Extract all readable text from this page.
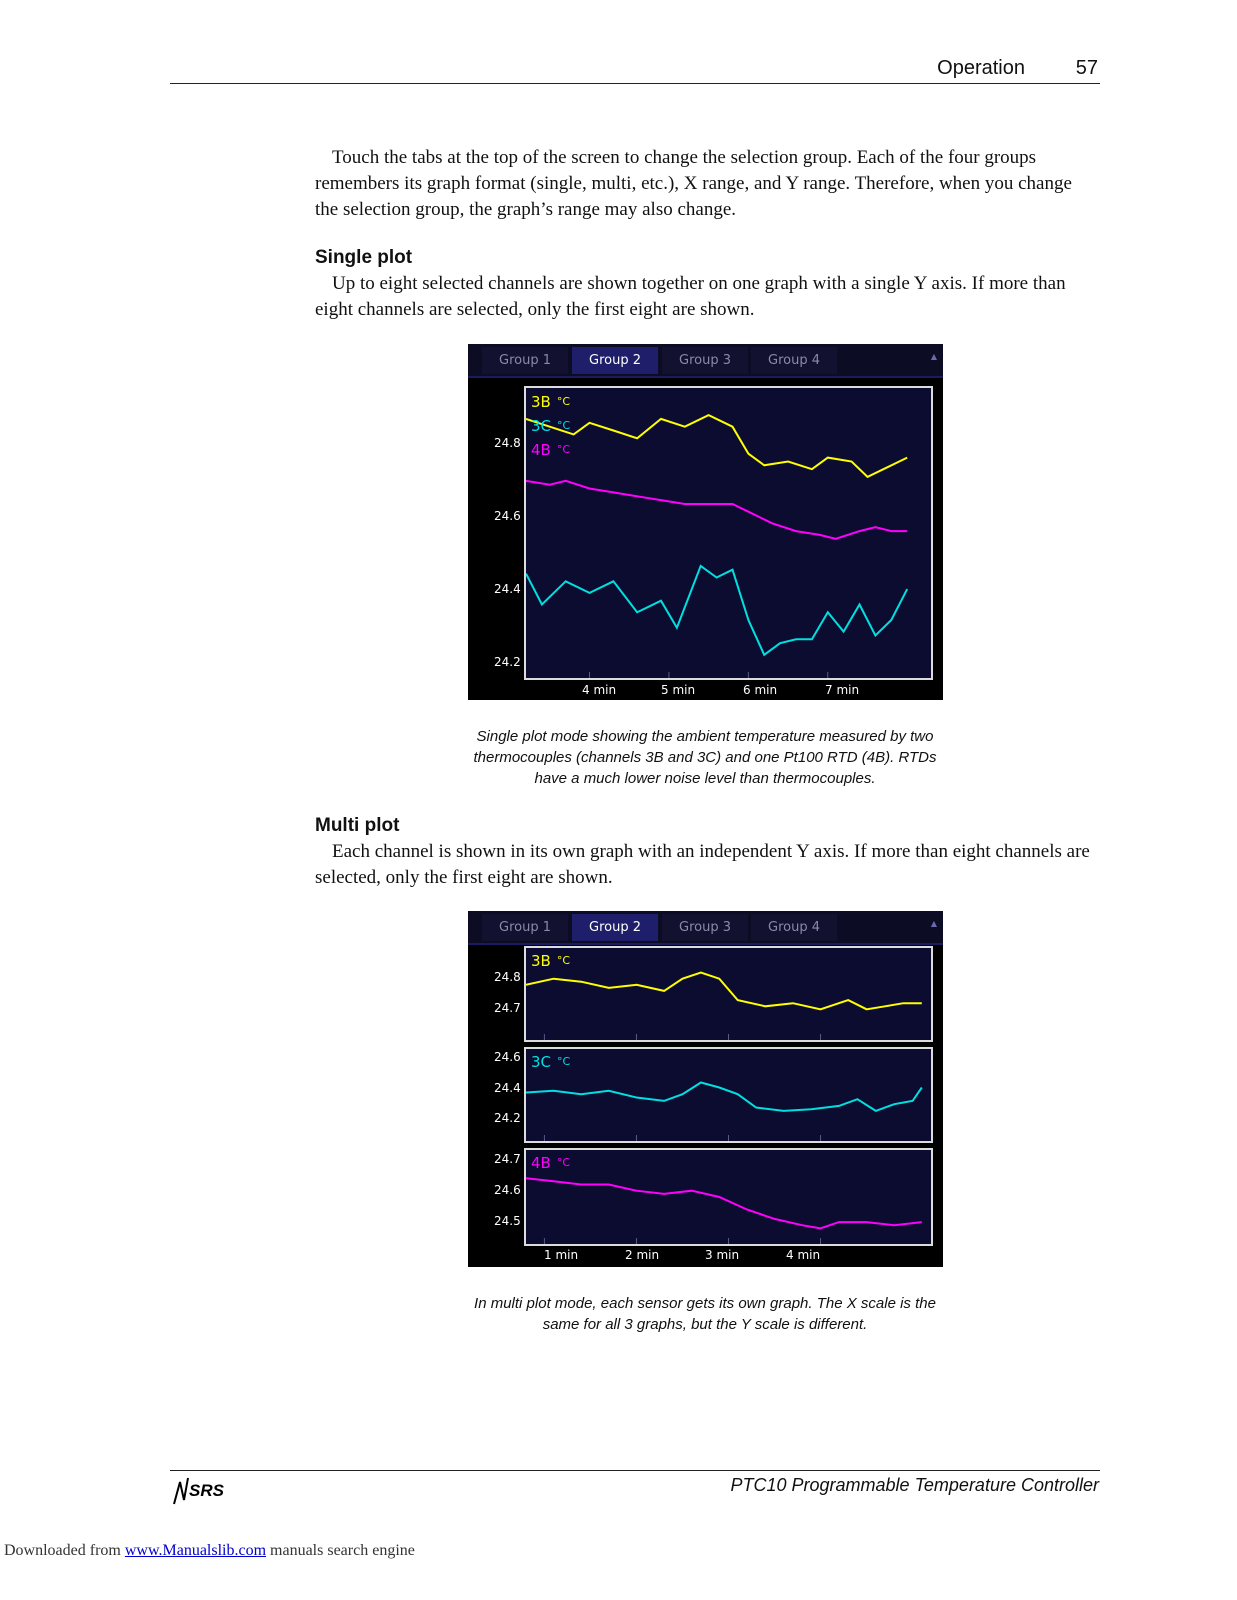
Operation	57

Touch the tabs at the top of the screen to change the selection group. Each of the four groups remembers its graph format (single, multi, etc.), X range, and Y range. Therefore, when you change the selection group, the graph’s range may also change.

Single plot

Up to eight selected channels are shown together on one graph with a single Y axis. If more than eight channels are selected, only the first eight are shown.

Group 1	Group 2	Group 3	Group 4	▲
3B °C
3C °C
4B °C
24.8
24.6
24.4
24.2
4 min	5 min	6 min	7 min
Single plot mode showing the ambient temperature measured by two thermocouples (channels 3B and 3C) and one Pt100 RTD (4B). RTDs have a much lower noise level than thermocouples.
Multi plot

Each channel is shown in its own graph with an independent Y axis. If more than eight channels are selected, only the first eight are shown.

Group 1	Group 2	Group 3	Group 4	▲
3B °C
3C °C
4B °C
24.8
24.7
24.6
24.4
24.2
24.7
24.6
24.5
1 min	2 min	3 min	4 min
In multi plot mode, each sensor gets its own graph. The X scale is the same for all 3 graphs, but the Y scale is different.
SRS	PTC10 Programmable Temperature Controller
Downloaded from www.Manualslib.com manuals search engine
